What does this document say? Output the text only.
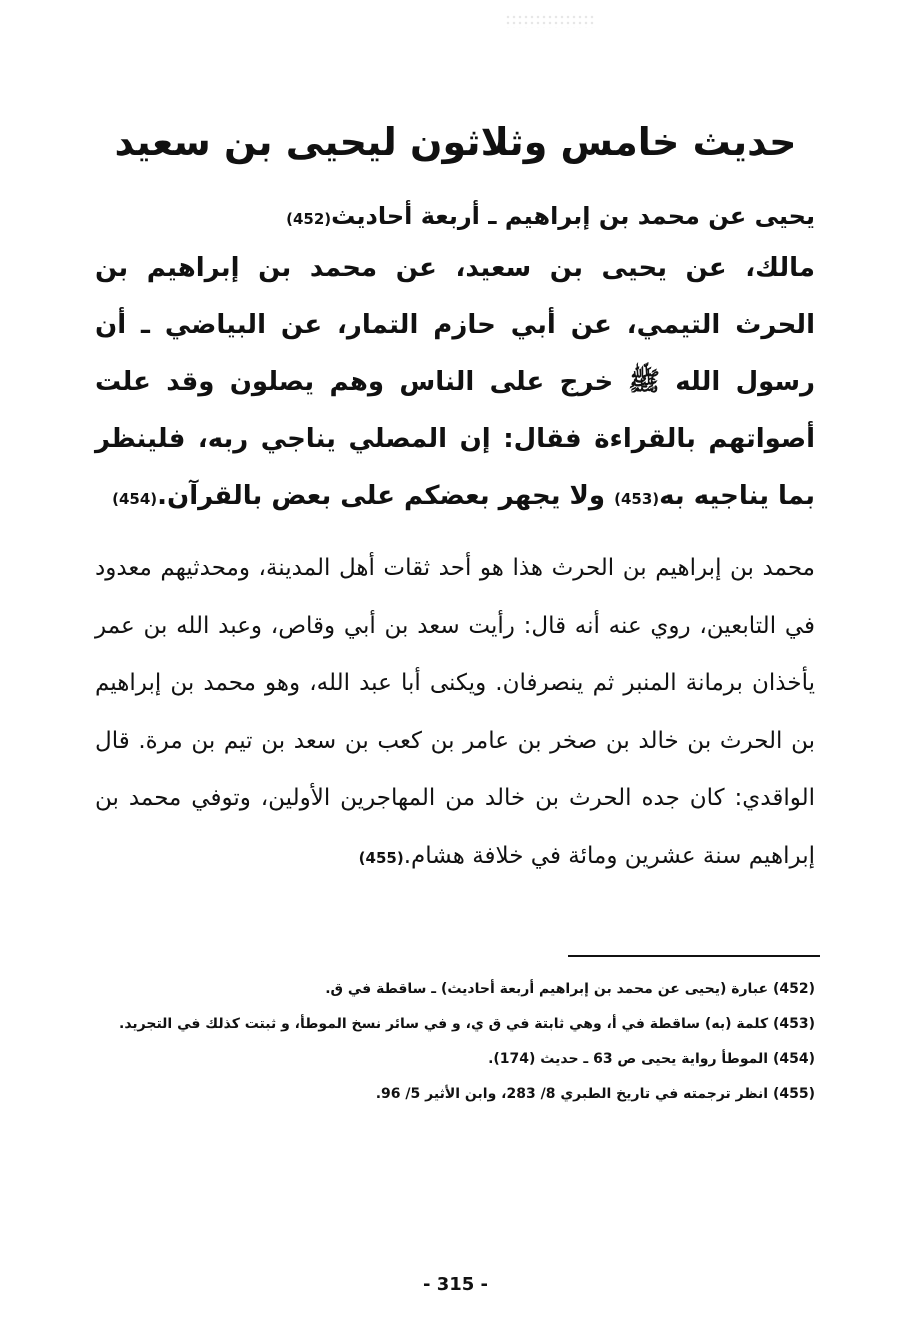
حديث خامس وثلاثون ليحيى بن سعيد

يحيى عن محمد بن إبراهيم ـ أربعة أحاديث(452)

مالك، عن يحيى بن سعيد، عن محمد بن إبراهيم بن الحرث التيمي، عن أبي حازم التمار، عن البياضي ـ أن رسول الله ﷺ خرج على الناس وهم يصلون وقد علت أصواتهم بالقراءة فقال: إن المصلي يناجي ربه، فلينظر بما يناجيه به(453) ولا يجهر بعضكم على بعض بالقرآن.(454)

محمد بن إبراهيم بن الحرث هذا هو أحد ثقات أهل المدينة، ومحدثيهم معدود في التابعين، روي عنه أنه قال: رأيت سعد بن أبي وقاص، وعبد الله بن عمر يأخذان برمانة المنبر ثم ينصرفان. ويكنى أبا عبد الله، وهو محمد بن إبراهيم بن الحرث بن خالد بن صخر بن عامر بن كعب بن سعد بن تيم بن مرة. قال الواقدي: كان جده الحرث بن خالد من المهاجرين الأولين، وتوفي محمد بن إبراهيم سنة عشرين ومائة في خلافة هشام.(455)

(452) عبارة (يحيى عن محمد بن إبراهيم أربعة أحاديث) ـ ساقطة في ق.
(453) كلمة (به) ساقطة في أ، وهي ثابتة في ق ي، و في سائر نسخ الموطأ، و ثبتت كذلك في التجريد.
(454) الموطأ رواية يحيى ص 63 ـ حديث (174).
(455) انظر ترجمته في تاريخ الطبري 8/ 283، وابن الأثير 5/ 96.
- 315 -
